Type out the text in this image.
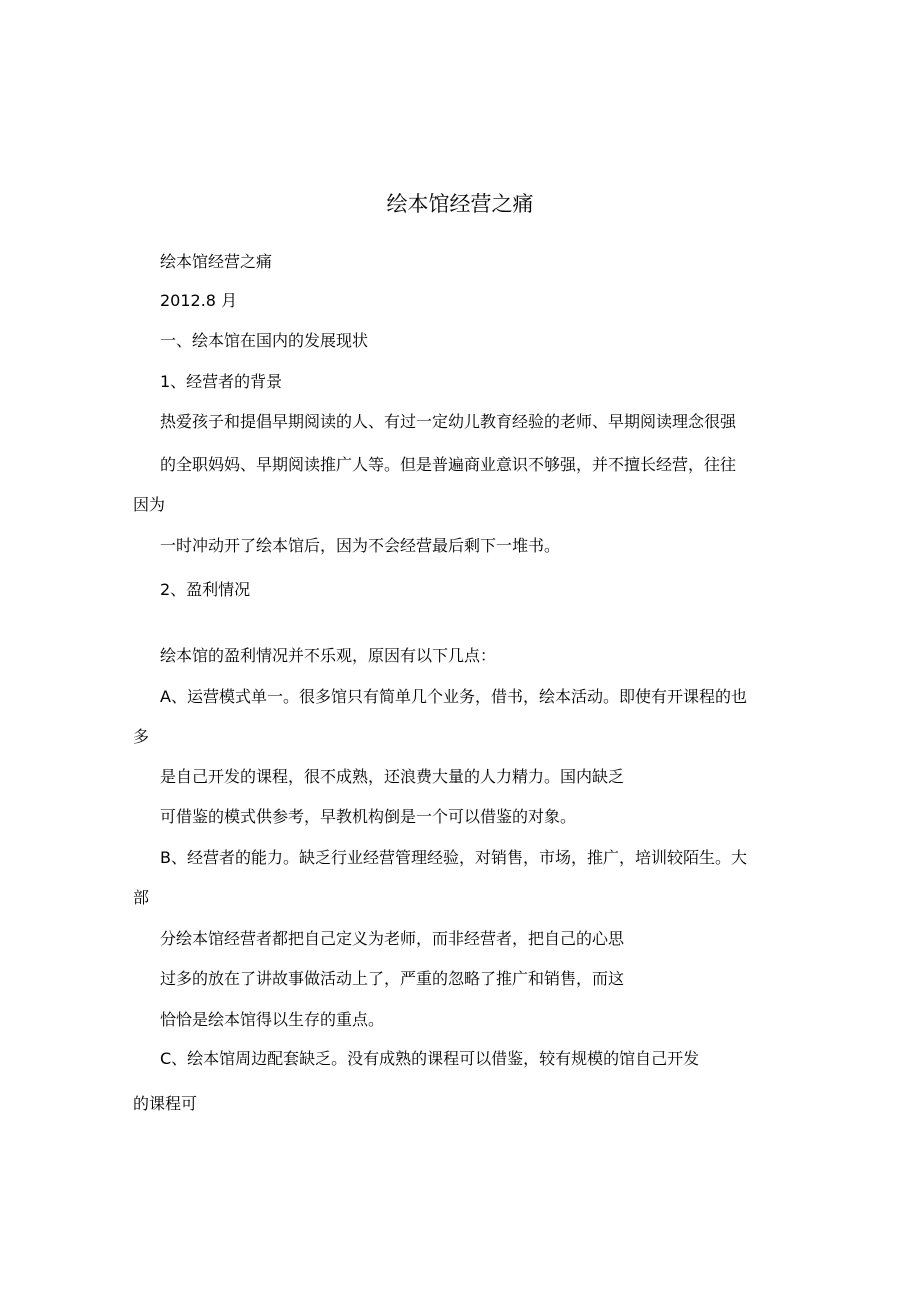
绘本馆经营之痛
绘本馆经营之痛
2012.8 月
一、绘本馆在国内的发展现状
1、经营者的背景
热爱孩子和提倡早期阅读的人、有过一定幼儿教育经验的老师、早期阅读理念很强
的全职妈妈、早期阅读推广人等。但是普遍商业意识不够强，并不擅长经营，往往
因为
一时冲动开了绘本馆后，因为不会经营最后剩下一堆书。
2、盈利情况
绘本馆的盈利情况并不乐观，原因有以下几点：
A、运营模式单一。很多馆只有简单几个业务，借书，绘本活动。即使有开课程的也
多
是自己开发的课程，很不成熟，还浪费大量的人力精力。国内缺乏
可借鉴的模式供参考，早教机构倒是一个可以借鉴的对象。
B、经营者的能力。缺乏行业经营管理经验，对销售，市场，推广，培训较陌生。大
部
分绘本馆经营者都把自己定义为老师，而非经营者，把自己的心思
过多的放在了讲故事做活动上了，严重的忽略了推广和销售，而这
恰恰是绘本馆得以生存的重点。
C、绘本馆周边配套缺乏。没有成熟的课程可以借鉴，较有规模的馆自己开发
的课程可
